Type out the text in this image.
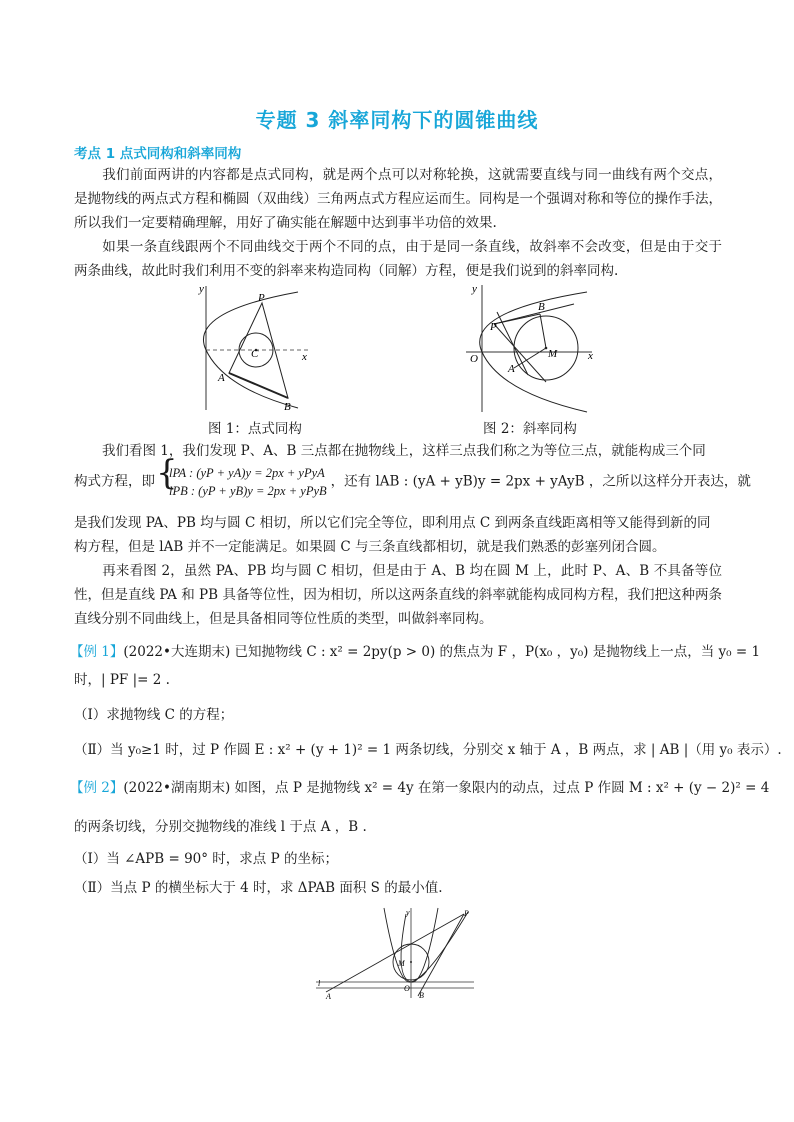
专题 3 斜率同构下的圆锥曲线
考点 1 点式同构和斜率同构

我们前面两讲的内容都是点式同构，就是两个点可以对称轮换，这就需要直线与同一曲线有两个交点，是抛物线的两点式方程和椭圆（双曲线）三角两点式方程应运而生。同构是一个强调对称和等位的操作手法，所以我们一定要精确理解，用好了确实能在解题中达到事半功倍的效果.

如果一条直线跟两个不同曲线交于两个不同的点，由于是同一条直线，故斜率不会改变，但是由于交于两条曲线，故此时我们利用不变的斜率来构造同构（同解）方程，便是我们说到的斜率同构.

y
x
P
A
B
C
图 1：点式同构
y
x
O
P
A
B
M
图 2：斜率同构

我们看图 1，我们发现 P、A、B 三点都在抛物线上，这样三点我们称之为等位三点，就能构成三个同

构式方程，即
{ lPA : (yP + yA)y = 2px + yPyA
lPB : (yP + yB)y = 2px + yPyB
，还有 lAB : (yA + yB)y = 2px + yAyB ，之所以这样分开表达，就

是我们发现 PA、PB 均与圆 C 相切，所以它们完全等位，即利用点 C 到两条直线距离相等又能得到新的同

构方程，但是 lAB 并不一定能满足。如果圆 C 与三条直线都相切，就是我们熟悉的彭塞列闭合圆。

再来看图 2，虽然 PA、PB 均与圆 C 相切，但是由于 A、B 均在圆 M 上，此时 P、A、B 不具备等位性，但是直线 PA 和 PB 具备等位性，因为相切，所以这两条直线的斜率就能构成同构方程，我们把这种两条直线分别不同曲线上，但是具备相同等位性质的类型，叫做斜率同构。

【例 1】(2022•大连期末) 已知抛物线 C : x² = 2py(p > 0) 的焦点为 F ，P(x₀ ，y₀) 是抛物线上一点，当 y₀ = 1

时，| PF |= 2 .

（Ⅰ）求抛物线 C 的方程；

（Ⅱ）当 y₀≥1 时，过 P 作圆 E : x² + (y + 1)² = 1 两条切线，分别交 x 轴于 A ，B 两点，求 | AB |（用 y₀ 表示）.

【例 2】(2022•湖南期末) 如图，点 P 是抛物线 x² = 4y 在第一象限内的动点，过点 P 作圆 M : x² + (y − 2)² = 4

的两条切线，分别交抛物线的准线 l 于点 A ，B .

（Ⅰ）当 ∠APB = 90° 时，求点 P 的坐标；

（Ⅱ）当点 P 的横坐标大于 4 时，求 ΔPAB 面积 S 的最小值.

y	P
M
O
l
A	B
